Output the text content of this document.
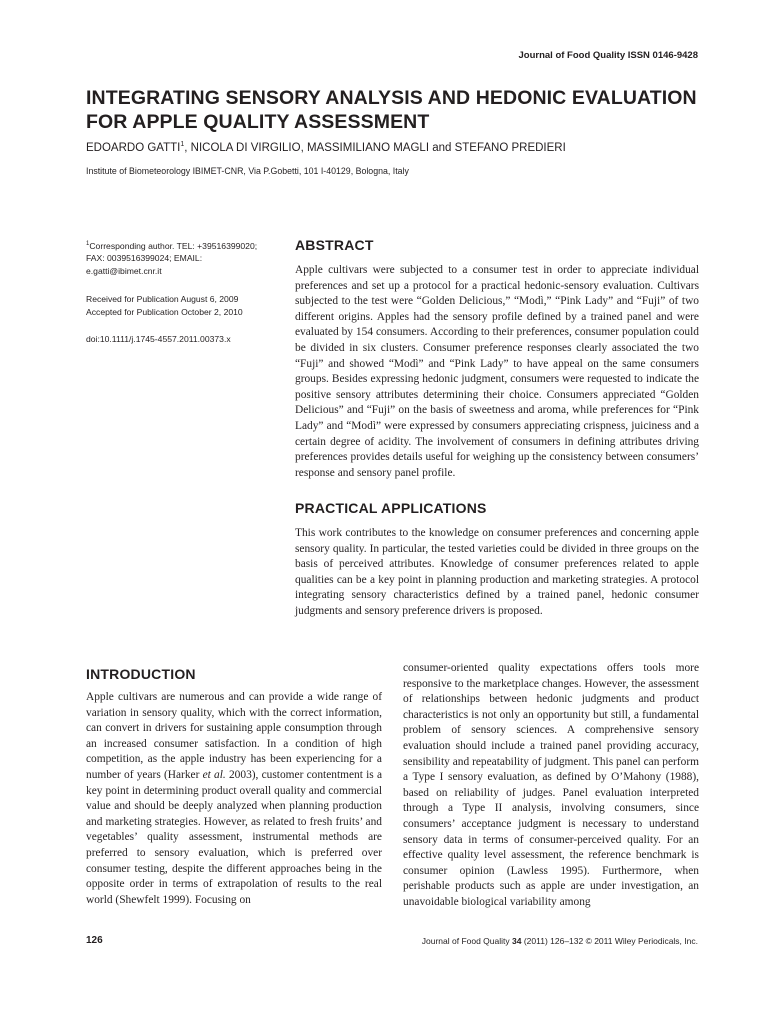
Journal of Food Quality ISSN 0146-9428
INTEGRATING SENSORY ANALYSIS AND HEDONIC EVALUATION FOR APPLE QUALITY ASSESSMENT
EDOARDO GATTI$^1$, NICOLA DI VIRGILIO, MASSIMILIANO MAGLI and STEFANO PREDIERI
Institute of Biometeorology IBIMET-CNR, Via P.Gobetti, 101 I-40129, Bologna, Italy
$^1$Corresponding author. TEL: +39516399020;
FAX: 0039516399024; EMAIL:
e.gatti@ibimet.cnr.it
Received for Publication August 6, 2009
Accepted for Publication October 2, 2010
doi:10.1111/j.1745-4557.2011.00373.x
ABSTRACT

Apple cultivars were subjected to a consumer test in order to appreciate individual preferences and set up a protocol for a practical hedonic-sensory evaluation. Cultivars subjected to the test were “Golden Delicious,” “Modì,” “Pink Lady” and “Fuji” of two different origins. Apples had the sensory profile defined by a trained panel and were evaluated by 154 consumers. According to their preferences, consumer population could be divided in six clusters. Consumer preference responses clearly associated the two “Fuji” and showed “Modì” and “Pink Lady” to have appeal on the same consumers groups. Besides expressing hedonic judgment, consumers were requested to indicate the positive sensory attributes determining their choice. Consumers appreciated “Golden Delicious” and “Fuji” on the basis of sweetness and aroma, while preferences for “Pink Lady” and “Modì” were expressed by consumers appreciating crispness, juiciness and a certain degree of acidity. The involvement of consumers in defining attributes driving preferences provides details useful for weighing up the consistency between consumers’ response and sensory panel profile.

PRACTICAL APPLICATIONS

This work contributes to the knowledge on consumer preferences and concerning apple sensory quality. In particular, the tested varieties could be divided in three groups on the basis of perceived attributes. Knowledge of consumer preferences related to apple qualities can be a key point in planning production and marketing strategies. A protocol integrating sensory characteristics defined by a trained panel, hedonic consumer judgments and sensory preference drivers is proposed.

INTRODUCTION

Apple cultivars are numerous and can provide a wide range of variation in sensory quality, which with the correct information, can convert in drivers for sustaining apple consumption through an increased consumer satisfaction. In a condition of high competition, as the apple industry has been experiencing for a number of years (Harker et al. 2003), customer contentment is a key point in determining product overall quality and commercial value and should be deeply analyzed when planning production and marketing strategies. However, as related to fresh fruits’ and vegetables’ quality assessment, instrumental methods are preferred to sensory evaluation, which is preferred over consumer testing, despite the different approaches being in the opposite order in terms of extrapolation of results to the real world (Shewfelt 1999). Focusing on

consumer-oriented quality expectations offers tools more responsive to the marketplace changes. However, the assessment of relationships between hedonic judgments and product characteristics is not only an opportunity but still, a fundamental problem of sensory sciences. A comprehensive sensory evaluation should include a trained panel providing accuracy, sensibility and repeatability of judgment. This panel can perform a Type I sensory evaluation, as defined by O’Mahony (1988), based on reliability of judges. Panel evaluation interpreted through a Type II analysis, involving consumers, since consumers’ acceptance judgment is necessary to understand sensory data in terms of consumer-perceived quality. For an effective quality level assessment, the reference benchmark is consumer opinion (Lawless 1995). Furthermore, when perishable products such as apple are under investigation, an unavoidable biological variability among

126	Journal of Food Quality 34 (2011) 126–132 © 2011 Wiley Periodicals, Inc.
